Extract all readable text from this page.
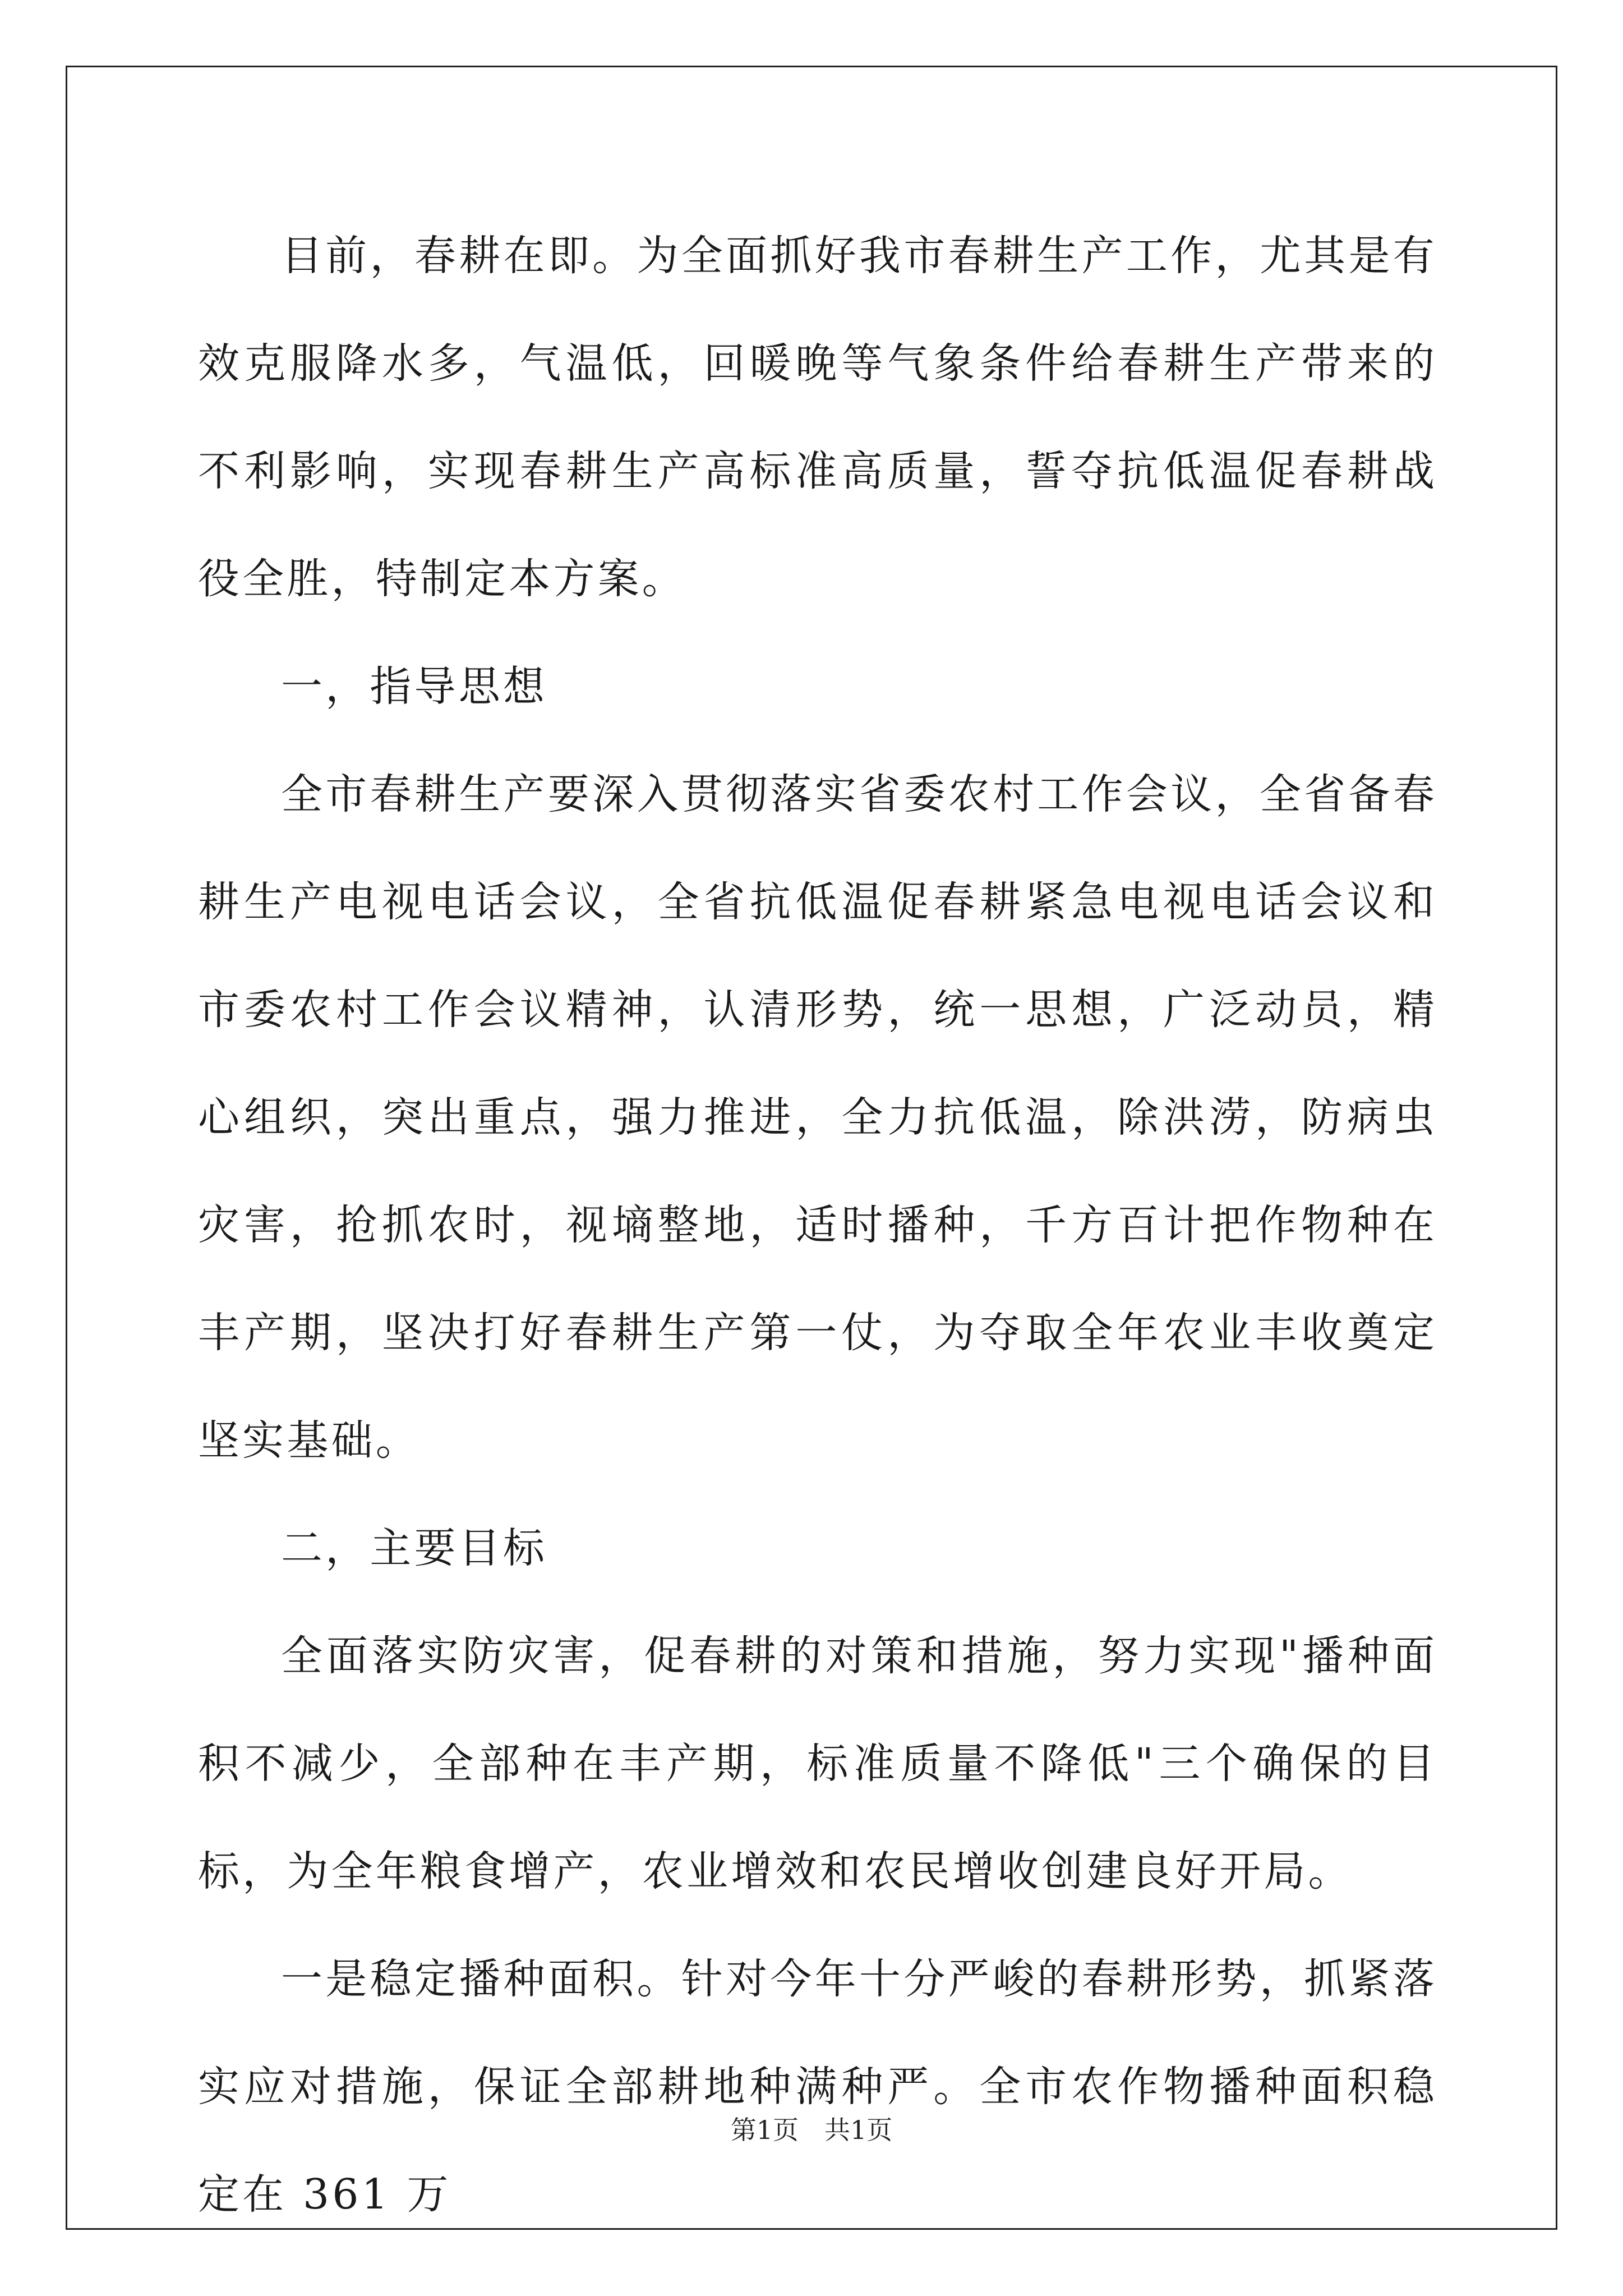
目前，春耕在即。为全面抓好我市春耕生产工作，尤其是有效克服降水多，气温低，回暖晚等气象条件给春耕生产带来的不利影响，实现春耕生产高标准高质量，誓夺抗低温促春耕战役全胜，特制定本方案。

一，指导思想

全市春耕生产要深入贯彻落实省委农村工作会议，全省备春耕生产电视电话会议，全省抗低温促春耕紧急电视电话会议和市委农村工作会议精神，认清形势，统一思想，广泛动员，精心组织，突出重点，强力推进，全力抗低温，除洪涝，防病虫灾害，抢抓农时，视墒整地，适时播种，千方百计把作物种在丰产期，坚决打好春耕生产第一仗，为夺取全年农业丰收奠定坚实基础。

二，主要目标

全面落实防灾害，促春耕的对策和措施，努力实现"播种面积不减少，全部种在丰产期，标准质量不降低"三个确保的目标，为全年粮食增产，农业增效和农民增收创建良好开局。

一是稳定播种面积。针对今年十分严峻的春耕形势，抓紧落实应对措施，保证全部耕地种满种严。全市农作物播种面积稳定在 361 万

第1页 共1页
